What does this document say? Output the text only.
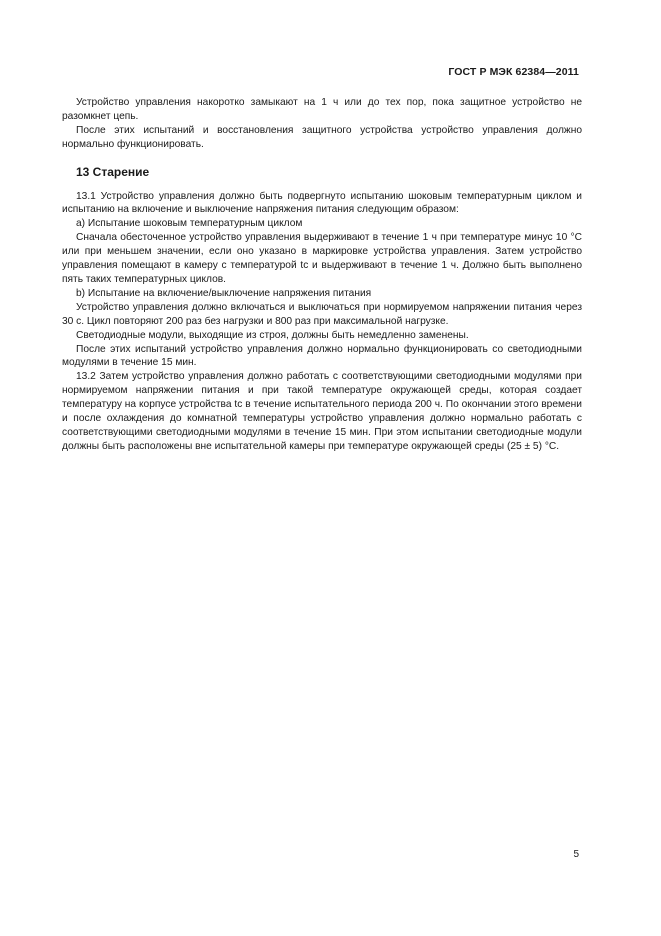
ГОСТ Р МЭК 62384—2011

Устройство управления накоротко замыкают на 1 ч или до тех пор, пока защитное устройство не разомкнет цепь.

После этих испытаний и восстановления защитного устройства устройство управления должно нормально функционировать.

13 Старение

13.1 Устройство управления должно быть подвергнуто испытанию шоковым температурным циклом и испытанию на включение и выключение напряжения питания следующим образом:

а) Испытание шоковым температурным циклом

Сначала обесточенное устройство управления выдерживают в течение 1 ч при температуре минус 10 °С или при меньшем значении, если оно указано в маркировке устройства управления. Затем устройство управления помещают в камеру с температурой tc и выдерживают в течение 1 ч. Должно быть выполнено пять таких температурных циклов.

b) Испытание на включение/выключение напряжения питания

Устройство управления должно включаться и выключаться при нормируемом напряжении питания через 30 с. Цикл повторяют 200 раз без нагрузки и 800 раз при максимальной нагрузке.

Светодиодные модули, выходящие из строя, должны быть немедленно заменены.

После этих испытаний устройство управления должно нормально функционировать со светодиодными модулями в течение 15 мин.

13.2 Затем устройство управления должно работать с соответствующими светодиодными модулями при нормируемом напряжении питания и при такой температуре окружающей среды, которая создает температуру на корпусе устройства tc в течение испытательного периода 200 ч. По окончании этого времени и после охлаждения до комнатной температуры устройство управления должно нормально работать с соответствующими светодиодными модулями в течение 15 мин. При этом испытании светодиодные модули должны быть расположены вне испытательной камеры при температуре окружающей среды (25 ± 5) °С.

5
